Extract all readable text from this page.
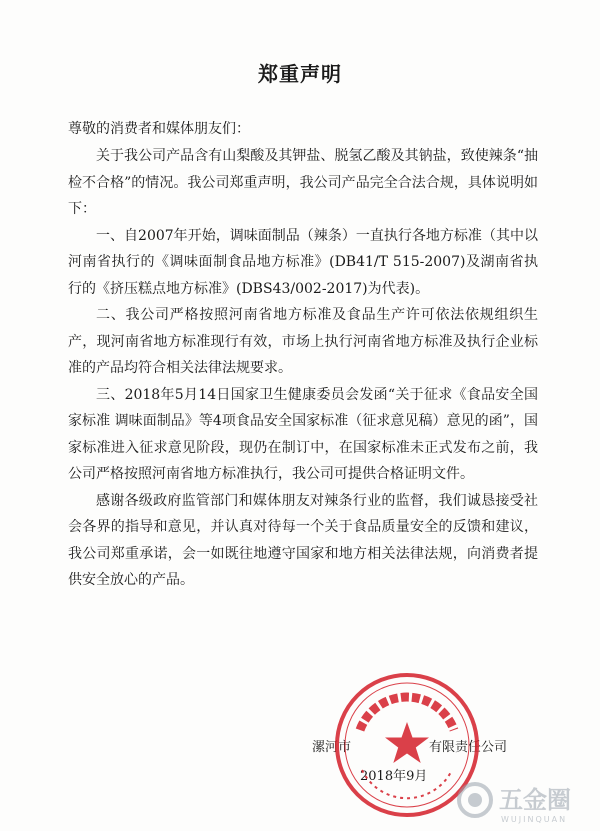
郑重声明
尊敬的消费者和媒体朋友们：

关于我公司产品含有山梨酸及其钾盐、脱氢乙酸及其钠盐，致使辣条“抽检不合格”的情况。我公司郑重声明，我公司产品完全合法合规，具体说明如下：

一、自2007年开始，调味面制品（辣条）一直执行各地方标准（其中以河南省执行的《调味面制食品地方标准》(DB41/T 515-2007)及湖南省执行的《挤压糕点地方标准》(DBS43/002-2017)为代表)。

二、我公司严格按照河南省地方标准及食品生产许可依法依规组织生产，现河南省地方标准现行有效，市场上执行河南省地方标准及执行企业标准的产品均符合相关法律法规要求。

三、2018年5月14日国家卫生健康委员会发函“关于征求《食品安全国家标准 调味面制品》等4项食品安全国家标准（征求意见稿）意见的函”，国家标准进入征求意见阶段，现仍在制订中，在国家标准未正式发布之前，我公司严格按照河南省地方标准执行，我公司可提供合格证明文件。

感谢各级政府监管部门和媒体朋友对辣条行业的监督，我们诚恳接受社会各界的指导和意见，并认真对待每一个关于食品质量安全的反馈和建议，我公司郑重承诺，会一如既往地遵守国家和地方相关法律法规，向消费者提供安全放心的产品。

漯河市	有限责任公司
2018年9月
五金圈
WUJINQUAN
